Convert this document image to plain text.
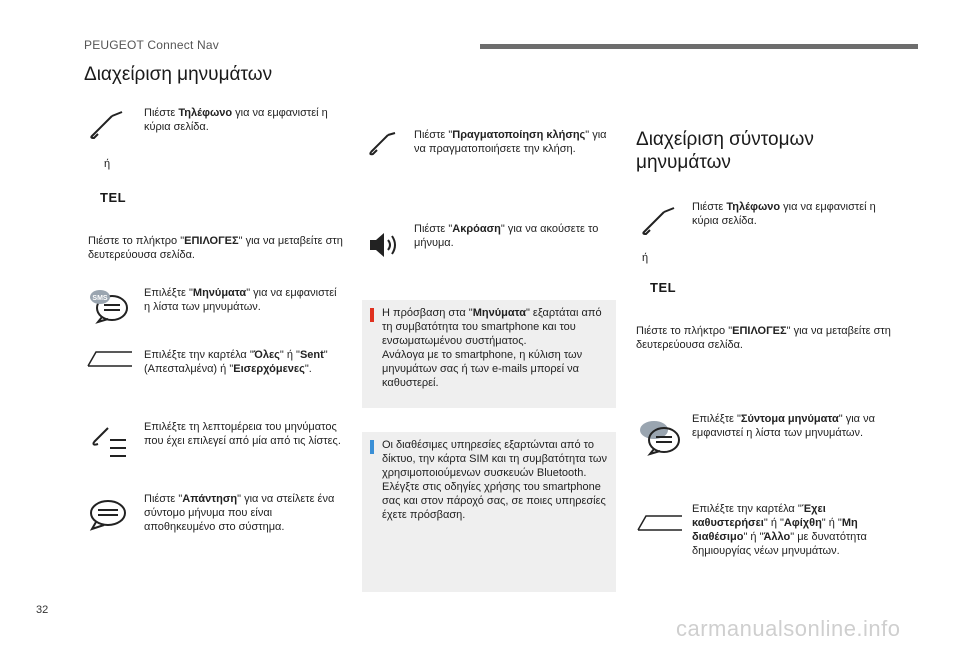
PEUGEOT Connect Nav
Διαχείριση μηνυμάτων
Πιέστε Τηλέφωνο για να εμφανιστεί η κύρια σελίδα.
ή
TEL
Πιέστε το πλήκτρο "ΕΠΙΛΟΓΕΣ" για να μεταβείτε στη δευτερεύουσα σελίδα.
SMS	Επιλέξτε "Μηνύματα" για να εμφανιστεί η λίστα των μηνυμάτων.
Επιλέξτε την καρτέλα "Όλες" ή "Sent" (Απεσταλμένα) ή "Εισερχόμενες".
Επιλέξτε τη λεπτομέρεια του μηνύματος που έχει επιλεγεί από μία από τις λίστες.
Πιέστε "Απάντηση" για να στείλετε ένα σύντομο μήνυμα που είναι αποθηκευμένο στο σύστημα.
Πιέστε "Πραγματοποίηση κλήσης" για να πραγματοποιήσετε την κλήση.
Πιέστε "Ακρόαση" για να ακούσετε το μήνυμα.
Η πρόσβαση στα "Μηνύματα" εξαρτάται από τη συμβατότητα του smartphone και του ενσωματωμένου συστήματος.
Ανάλογα με το smartphone, η κύλιση των μηνυμάτων σας ή των e-mails μπορεί να καθυστερεί.
Οι διαθέσιμες υπηρεσίες εξαρτώνται από το δίκτυο, την κάρτα SIM και τη συμβατότητα των χρησιμοποιούμενων συσκευών Bluetooth.
Ελέγξτε στις οδηγίες χρήσης του smartphone σας και στον πάροχό σας, σε ποιες υπηρεσίες έχετε πρόσβαση.
Διαχείριση σύντομων μηνυμάτων
Πιέστε Τηλέφωνο για να εμφανιστεί η κύρια σελίδα.
ή
TEL
Πιέστε το πλήκτρο "ΕΠΙΛΟΓΕΣ" για να μεταβείτε στη δευτερεύουσα σελίδα.
Επιλέξτε "Σύντομα μηνύματα" για να εμφανιστεί η λίστα των μηνυμάτων.
Επιλέξτε την καρτέλα "Έχει καθυστερήσει" ή "Αφίχθη" ή "Μη διαθέσιμο" ή "Άλλο" με δυνατότητα δημιουργίας νέων μηνυμάτων.
32
carmanualsonline.info
